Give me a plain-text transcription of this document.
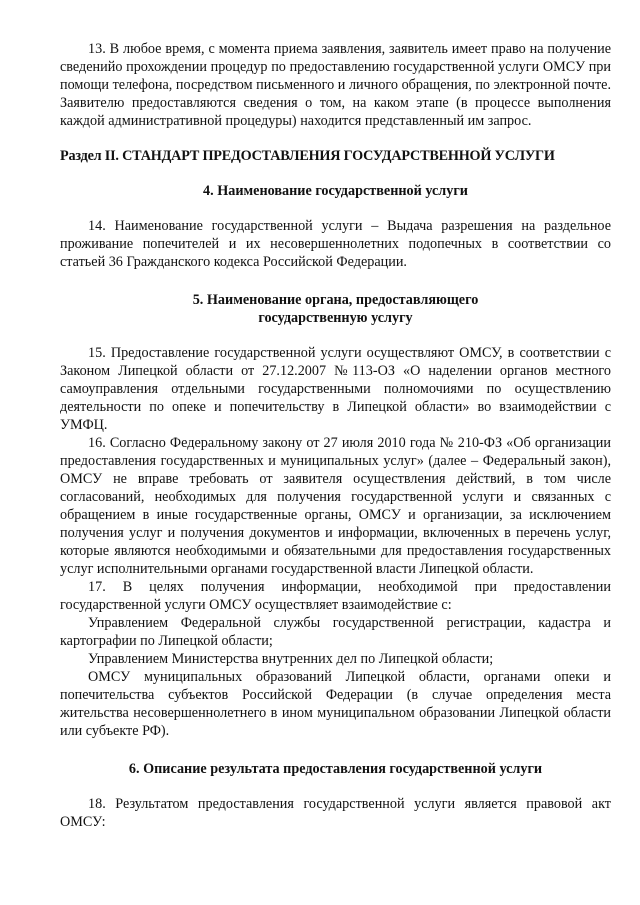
13. В любое время, с момента приема заявления, заявитель имеет право на получение сведенийо прохождении процедур по предоставлению государственной услуги ОМСУ при помощи телефона, посредством письменного и личного обращения, по электронной почте. Заявителю предоставляются сведения о том, на каком этапе (в процессе выполнения каждой административной процедуры) находится представленный им запрос.

Раздел II. СТАНДАРТ ПРЕДОСТАВЛЕНИЯ ГОСУДАРСТВЕННОЙ УСЛУГИ

4. Наименование государственной услуги

14. Наименование государственной услуги – Выдача разрешения на раздельное проживание попечителей и их несовершеннолетних подопечных в соответствии со статьей 36 Гражданского кодекса Российской Федерации.

5. Наименование органа, предоставляющего
государственную услугу

15. Предоставление государственной услуги осуществляют ОМСУ, в соответствии с Законом Липецкой области от 27.12.2007 №113-ОЗ «О наделении органов местного самоуправления отдельными государственными полномочиями по осуществлению деятельности по опеке и попечительству в Липецкой области» во взаимодействии с УМФЦ.

16. Согласно Федеральному закону от 27 июля 2010 года № 210-ФЗ «Об организации предоставления государственных и муниципальных услуг» (далее – Федеральный закон), ОМСУ не вправе требовать от заявителя осуществления действий, в том числе согласований, необходимых для получения государственной услуги и связанных с обращением в иные государственные органы, ОМСУ и организации, за исключением получения услуг и получения документов и информации, включенных в перечень услуг, которые являются необходимыми и обязательными для предоставления государственных услуг исполнительными органами государственной власти Липецкой области.

17. В целях получения информации, необходимой при предоставлении государственной услуги ОМСУ осуществляет взаимодействие с:

Управлением Федеральной службы государственной регистрации, кадастра и картографии по Липецкой области;

Управлением Министерства внутренних дел по Липецкой области;

ОМСУ муниципальных образований Липецкой области, органами опеки и попечительства субъектов Российской Федерации (в случае определения места жительства несовершеннолетнего в ином муниципальном образовании Липецкой области или субъекте РФ).

6. Описание результата предоставления государственной услуги

18. Результатом предоставления государственной услуги является правовой акт ОМСУ:
